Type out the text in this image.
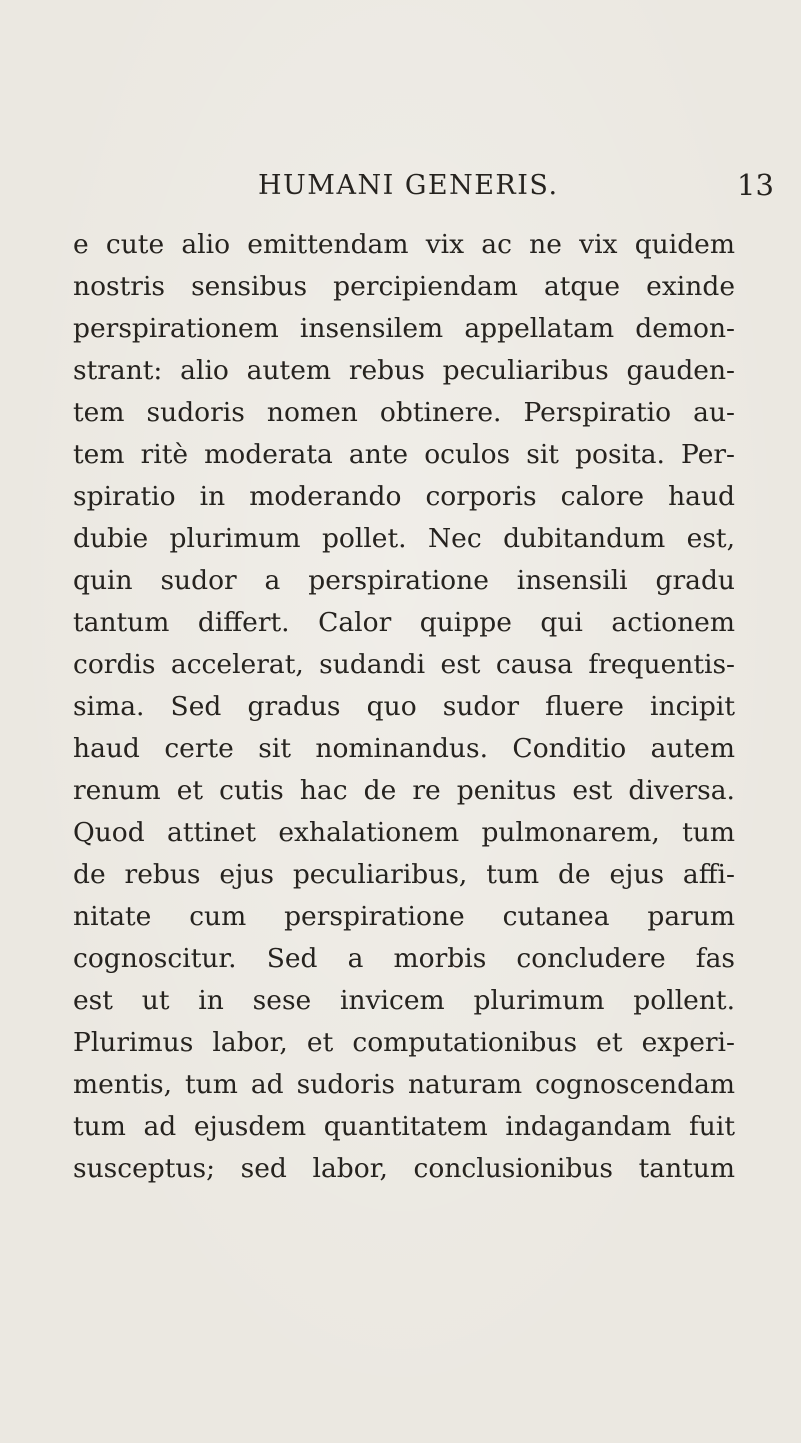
HUMANI GENERIS.	13
e cute alio emittendam vix ac ne vix quidem
nostris sensibus percipiendam atque exinde
perspirationem insensilem appellatam demon-
strant: alio autem rebus peculiaribus gauden-
tem sudoris nomen obtinere. Perspiratio au-
tem ritè moderata ante oculos sit posita. Per-
spiratio in moderando corporis calore haud
dubie plurimum pollet. Nec dubitandum est,
quin sudor a perspiratione insensili gradu
tantum differt. Calor quippe qui actionem
cordis accelerat, sudandi est causa frequentis-
sima. Sed gradus quo sudor fluere incipit
haud certe sit nominandus. Conditio autem
renum et cutis hac de re penitus est diversa.
Quod attinet exhalationem pulmonarem, tum
de rebus ejus peculiaribus, tum de ejus affi-
nitate cum perspiratione cutanea parum
cognoscitur. Sed a morbis concludere fas
est ut in sese invicem plurimum pollent.
Plurimus labor, et computationibus et experi-
mentis, tum ad sudoris naturam cognoscendam
tum ad ejusdem quantitatem indagandam fuit
susceptus; sed labor, conclusionibus tantum
